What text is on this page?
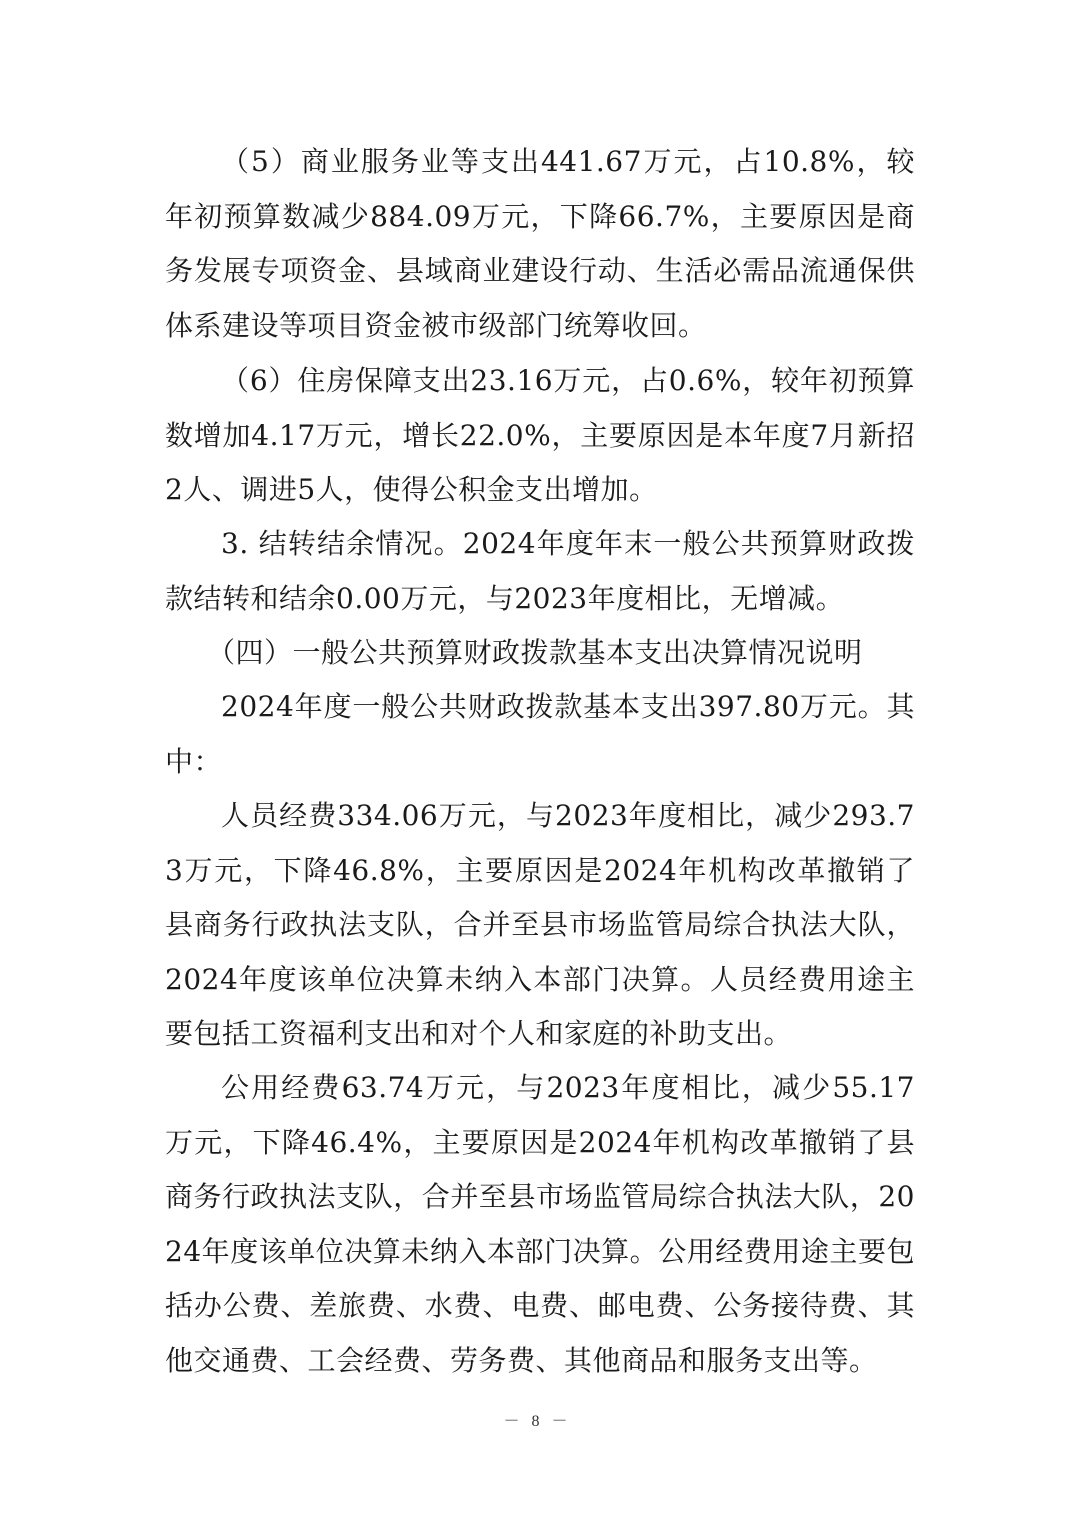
（5）商业服务业等支出441.67万元，占10.8%，较年初预算数减少884.09万元，下降66.7%，主要原因是商务发展专项资金、县域商业建设行动、生活必需品流通保供体系建设等项目资金被市级部门统筹收回。

（6）住房保障支出23.16万元，占0.6%，较年初预算数增加4.17万元，增长22.0%，主要原因是本年度7月新招2人、调进5人，使得公积金支出增加。

3. 结转结余情况。2024年度年末一般公共预算财政拨款结转和结余0.00万元，与2023年度相比，无增减。

（四）一般公共预算财政拨款基本支出决算情况说明

2024年度一般公共财政拨款基本支出397.80万元。其中：

人员经费334.06万元，与2023年度相比，减少293.73万元，下降46.8%，主要原因是2024年机构改革撤销了县商务行政执法支队，合并至县市场监管局综合执法大队，2024年度该单位决算未纳入本部门决算。人员经费用途主要包括工资福利支出和对个人和家庭的补助支出。

公用经费63.74万元，与2023年度相比，减少55.17万元，下降46.4%，主要原因是2024年机构改革撤销了县商务行政执法支队，合并至县市场监管局综合执法大队，2024年度该单位决算未纳入本部门决算。公用经费用途主要包括办公费、差旅费、水费、电费、邮电费、公务接待费、其他交通费、工会经费、劳务费、其他商品和服务支出等。

－ 8 －
